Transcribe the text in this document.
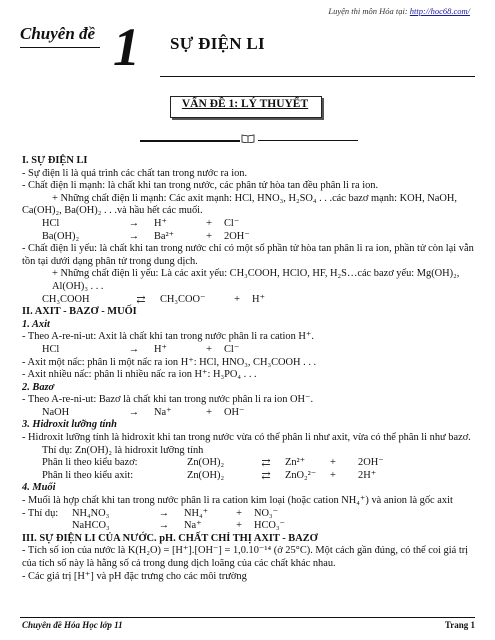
Luyện thi môn Hóa tại: http://hoc68.com/
Chuyên đề 1 SỰ ĐIỆN LI
VẤN ĐỀ 1: LÝ THUYẾT

I. SỰ ĐIỆN LI

- Sự điện li là quá trình các chất tan trong nước ra ion.

- Chất điện li mạnh: là chất khi tan trong nước, các phân tử hòa tan đều phân li ra ion.

+ Những chất điện li mạnh: Các axit mạnh: HCl, HNO₃, H₂SO₄ . . .các bazơ mạnh: KOH, NaOH,

Ca(OH)₂, Ba(OH)₂ . . .và hầu hết các muối.

HCl	→	H⁺	+	Cl⁻
Ba(OH)₂	→	Ba²⁺	+	2OH⁻

- Chất điện li yếu: là chất khi tan trong nước chỉ có một số phần tử hòa tan phân li ra ion, phần tử còn lại vẫn tồn tại dưới dạng phân tử trong dung dịch.

+ Những chất điện li yếu: Là các axit yếu: CH₃COOH, HClO, HF, H₂S…các bazơ yếu: Mg(OH)₂, Al(OH)₃ . . .

CH₃COOH	⇄	CH₃COO⁻	+	H⁺

II. AXIT - BAZƠ - MUỐI

1. Axit

- Theo A-re-ni-ut: Axit là chất khi tan trong nước phân li ra cation H⁺.

HCl	→	H⁺	+	Cl⁻

- Axit một nấc: phân li một nấc ra ion H⁺: HCl, HNO₃, CH₃COOH . . .

- Axit nhiều nấc: phân li nhiều nấc ra ion H⁺: H₃PO₄ . . .

2. Bazơ

- Theo A-re-ni-ut: Bazơ là chất khi tan trong nước phân li ra ion OH⁻.

NaOH	→	Na⁺	+	OH⁻

3. Hidroxit lưỡng tính

- Hidroxit lưỡng tính là hidroxit khi tan trong nước vừa có thể phân li như axit, vừa có thể phân li như bazơ.

Thí dụ: Zn(OH)₂ là hidroxit lưỡng tính

Phân li theo kiểu bazơ:	Zn(OH)₂	⇄	Zn²⁺	+	2OH⁻
Phân li theo kiểu axit:	Zn(OH)₂	⇄	ZnO₂²⁻	+	2H⁺

4. Muối

- Muối là hợp chất khi tan trong nước phân li ra cation kim loại (hoặc cation NH₄⁺) và anion là gốc axit

- Thí dụ:	NH₄NO₃	→	NH₄⁺	+	NO₃⁻
NaHCO₃	→	Na⁺	+	HCO₃⁻

III. SỰ ĐIỆN LI CỦA NƯỚC. pH. CHẤT CHỈ THỊ AXIT - BAZƠ

- Tích số ion của nước là K(H₂O) = [H⁺].[OH⁻] = 1,0.10⁻¹⁴ (ở 25°C). Một cách gần đúng, có thể coi giá trị của tích số này là hằng số cả trong dung dịch loãng của các chất khác nhau.

- Các giá trị [H⁺] và pH đặc trưng cho các môi trường

Chuyên đề Hóa Học lớp 11	Trang 1
